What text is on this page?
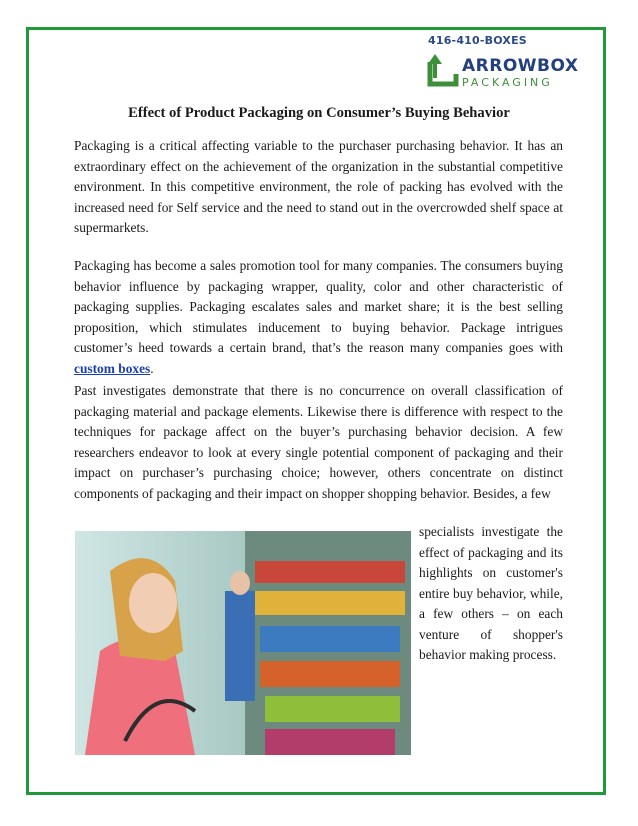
416-410-BOXES
ARROWBOX
PACKAGING
Effect of Product Packaging on Consumer’s Buying Behavior

Packaging is a critical affecting variable to the purchaser purchasing behavior. It has an extraordinary effect on the achievement of the organization in the substantial competitive environment. In this competitive environment, the role of packing has evolved with the increased need for Self service and the need to stand out in the overcrowded shelf space at supermarkets.

Packaging has become a sales promotion tool for many companies. The consumers buying behavior influence by packaging wrapper, quality, color and other characteristic of packaging supplies. Packaging escalates sales and market share; it is the best selling proposition, which stimulates inducement to buying behavior. Package intrigues customer’s heed towards a certain brand, that’s the reason many companies goes with custom boxes.

Past investigates demonstrate that there is no concurrence on overall classification of packaging material and package elements. Likewise there is difference with respect to the techniques for package affect on the buyer’s purchasing behavior decision. A few researchers endeavor to look at every single potential component of packaging and their impact on purchaser’s purchasing choice; however, others concentrate on distinct components of packaging and their impact on shopper shopping behavior. Besides, a few

specialists investigate the effect of packaging and its highlights on customer's entire buy behavior, while, a few others – on each venture of shopper's behavior making process.
